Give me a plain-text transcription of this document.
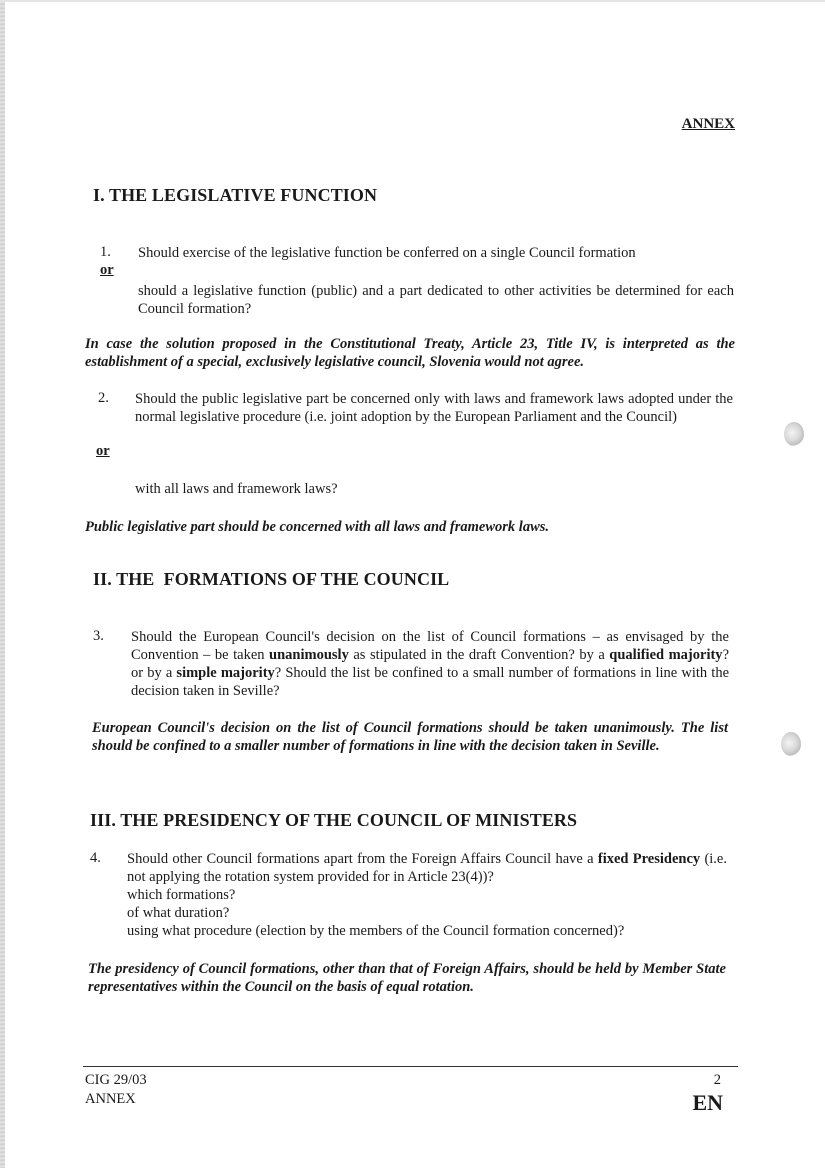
ANNEX
I. THE LEGISLATIVE FUNCTION
1. Should exercise of the legislative function be conferred on a single Council formation

or

should a legislative function (public) and a part dedicated to other activities be determined for each Council formation?

In case the solution proposed in the Constitutional Treaty, Article 23, Title IV, is interpreted as the establishment of a special, exclusively legislative council, Slovenia would not agree.

2. Should the public legislative part be concerned only with laws and framework laws adopted under the normal legislative procedure (i.e. joint adoption by the European Parliament and the Council)

or

with all laws and framework laws?

Public legislative part should be concerned with all laws and framework laws.

II. THE  FORMATIONS OF THE COUNCIL
3. Should the European Council's decision on the list of Council formations – as envisaged by the Convention – be taken unanimously as stipulated in the draft Convention? by a qualified majority? or by a simple majority? Should the list be confined to a small number of formations in line with the decision taken in Seville?

European Council's decision on the list of Council formations should be taken unanimously. The list should be confined to a smaller number of formations in line with the decision taken in Seville.

III. THE PRESIDENCY OF THE COUNCIL OF MINISTERS
4. Should other Council formations apart from the Foreign Affairs Council have a fixed Presidency (i.e. not applying the rotation system provided for in Article 23(4))?

which formations?

of what duration?

using what procedure (election by the members of the Council formation concerned)?

The presidency of Council formations, other than that of Foreign Affairs, should be held by Member State representatives within the Council on the basis of equal rotation.

CIG 29/03
ANNEX
2
EN
